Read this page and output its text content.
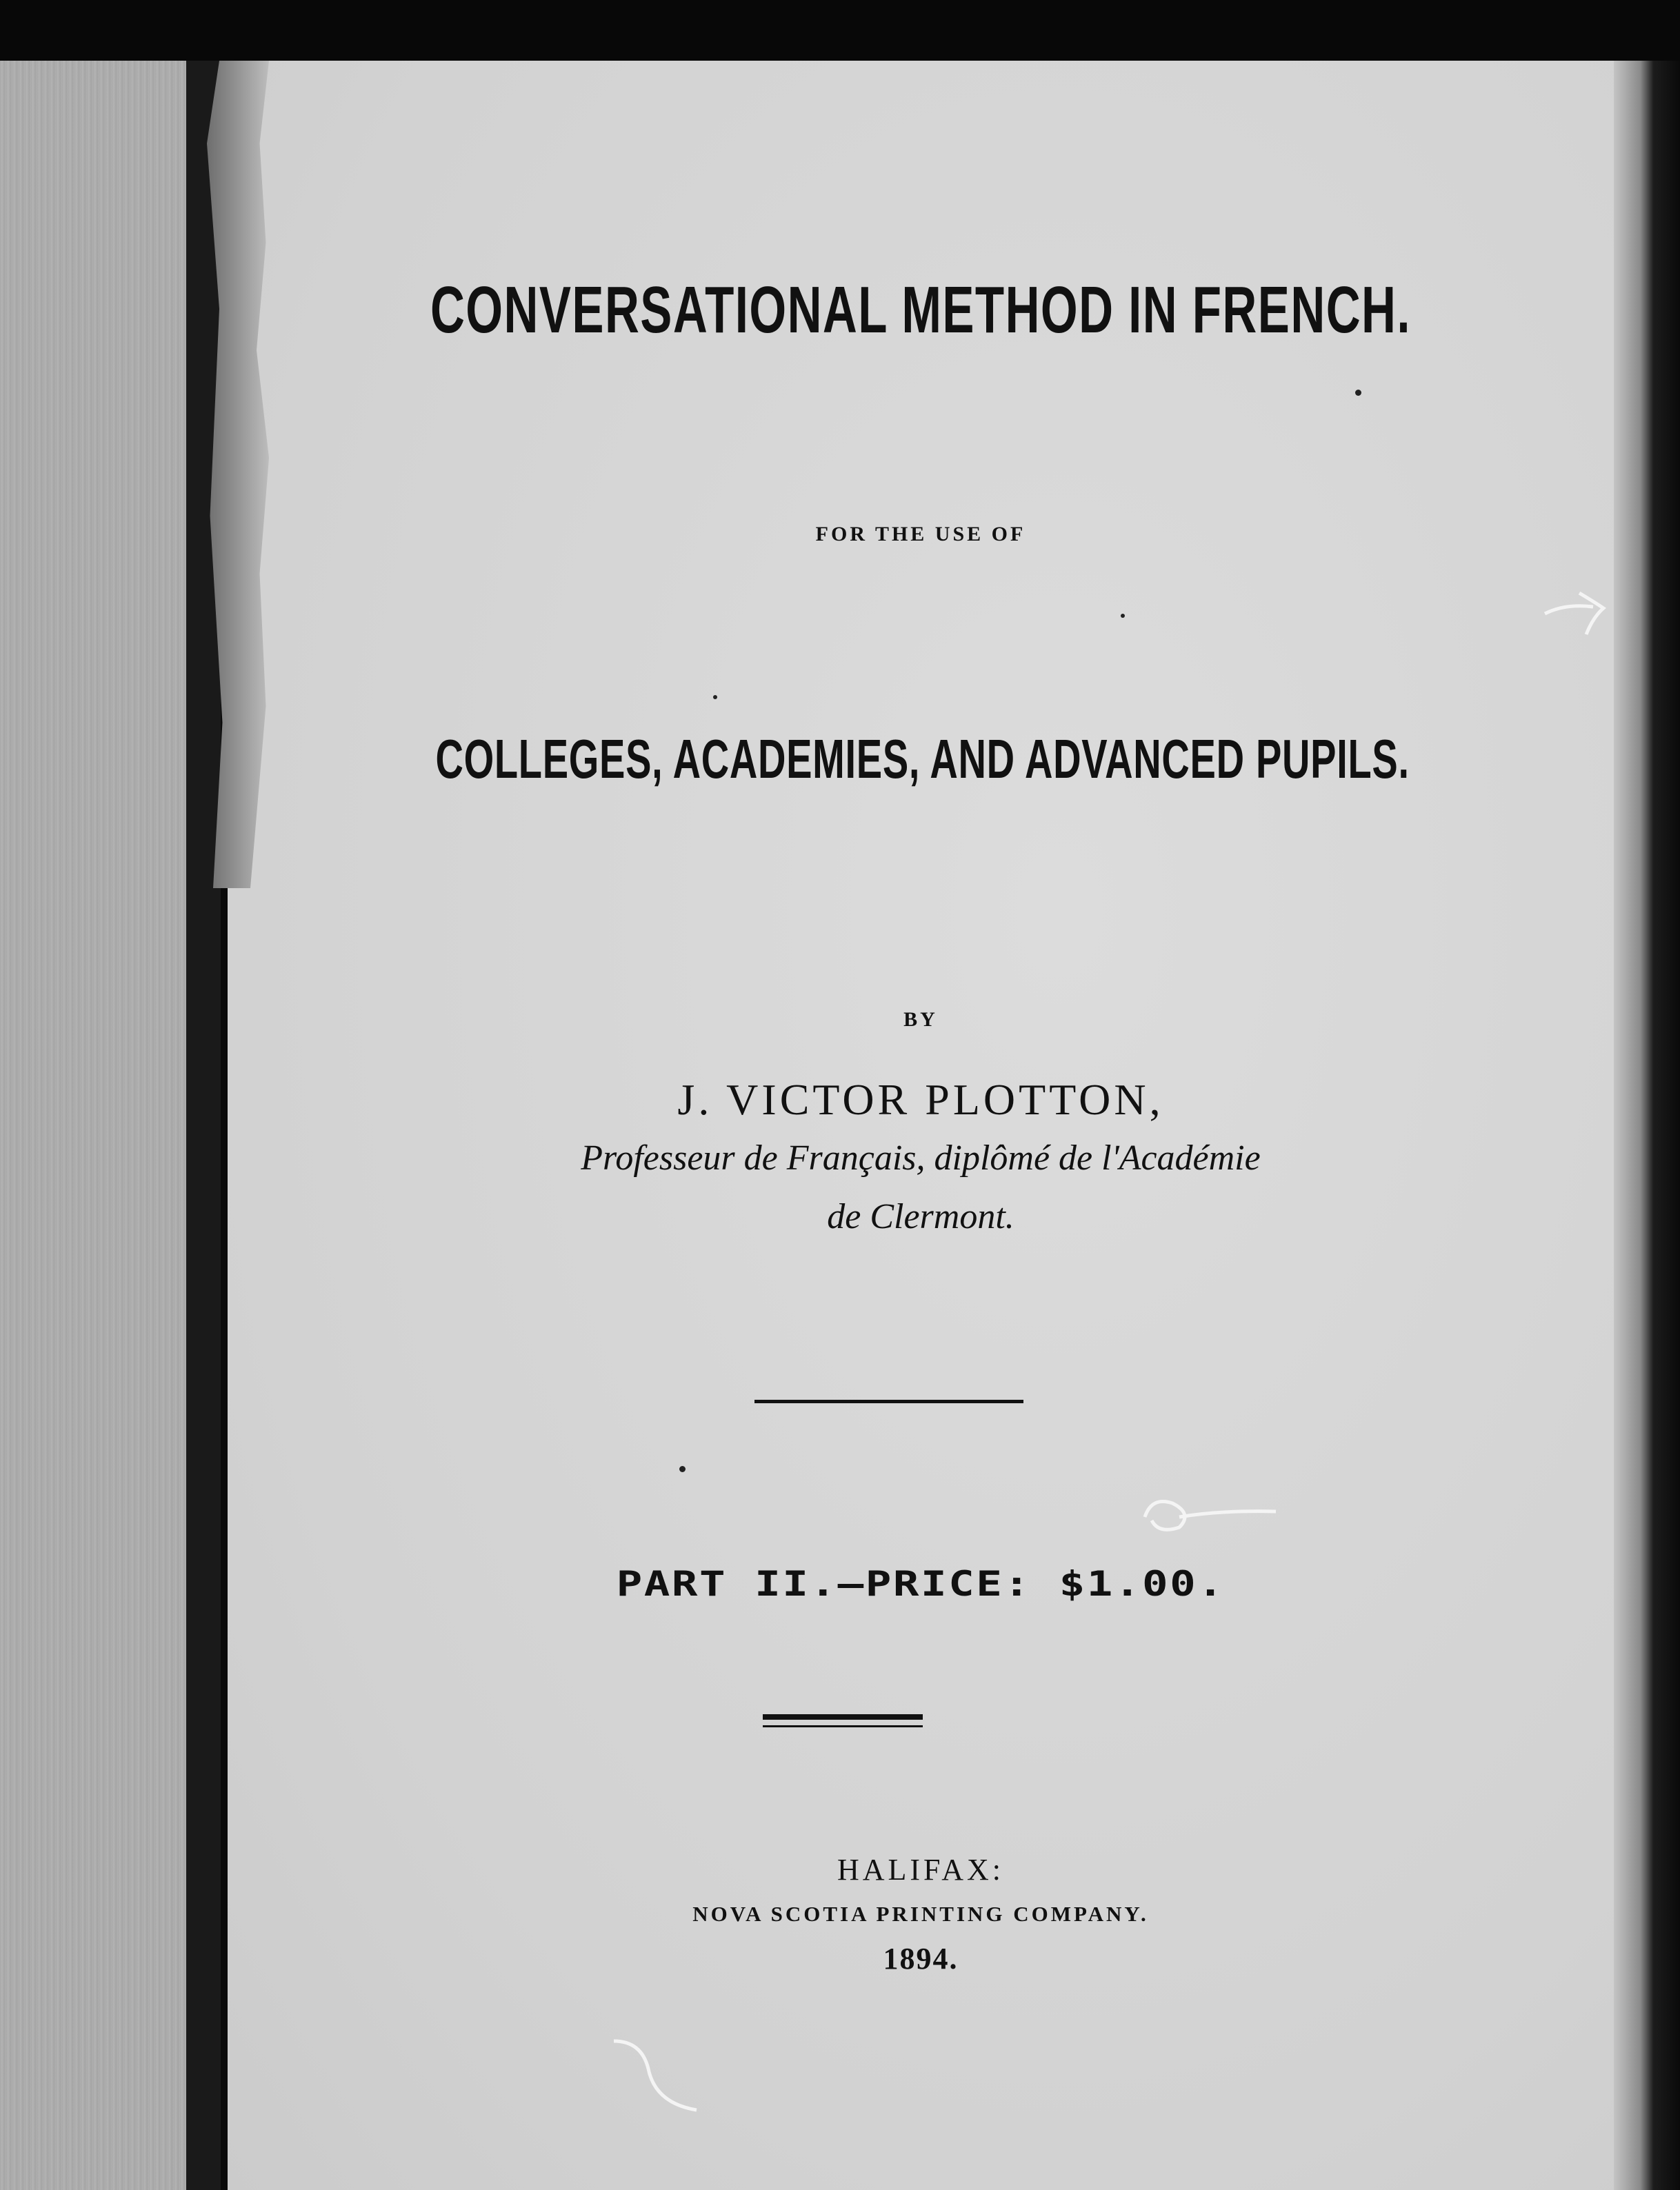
CONVERSATIONAL METHOD IN FRENCH.
FOR THE USE OF
COLLEGES, ACADEMIES, AND ADVANCED PUPILS.
BY
J. VICTOR PLOTTON,
Professeur de Français, diplômé de l'Académie
de Clermont.
PART II.—PRICE: $1.00.
HALIFAX:
NOVA SCOTIA PRINTING COMPANY.
1894.
